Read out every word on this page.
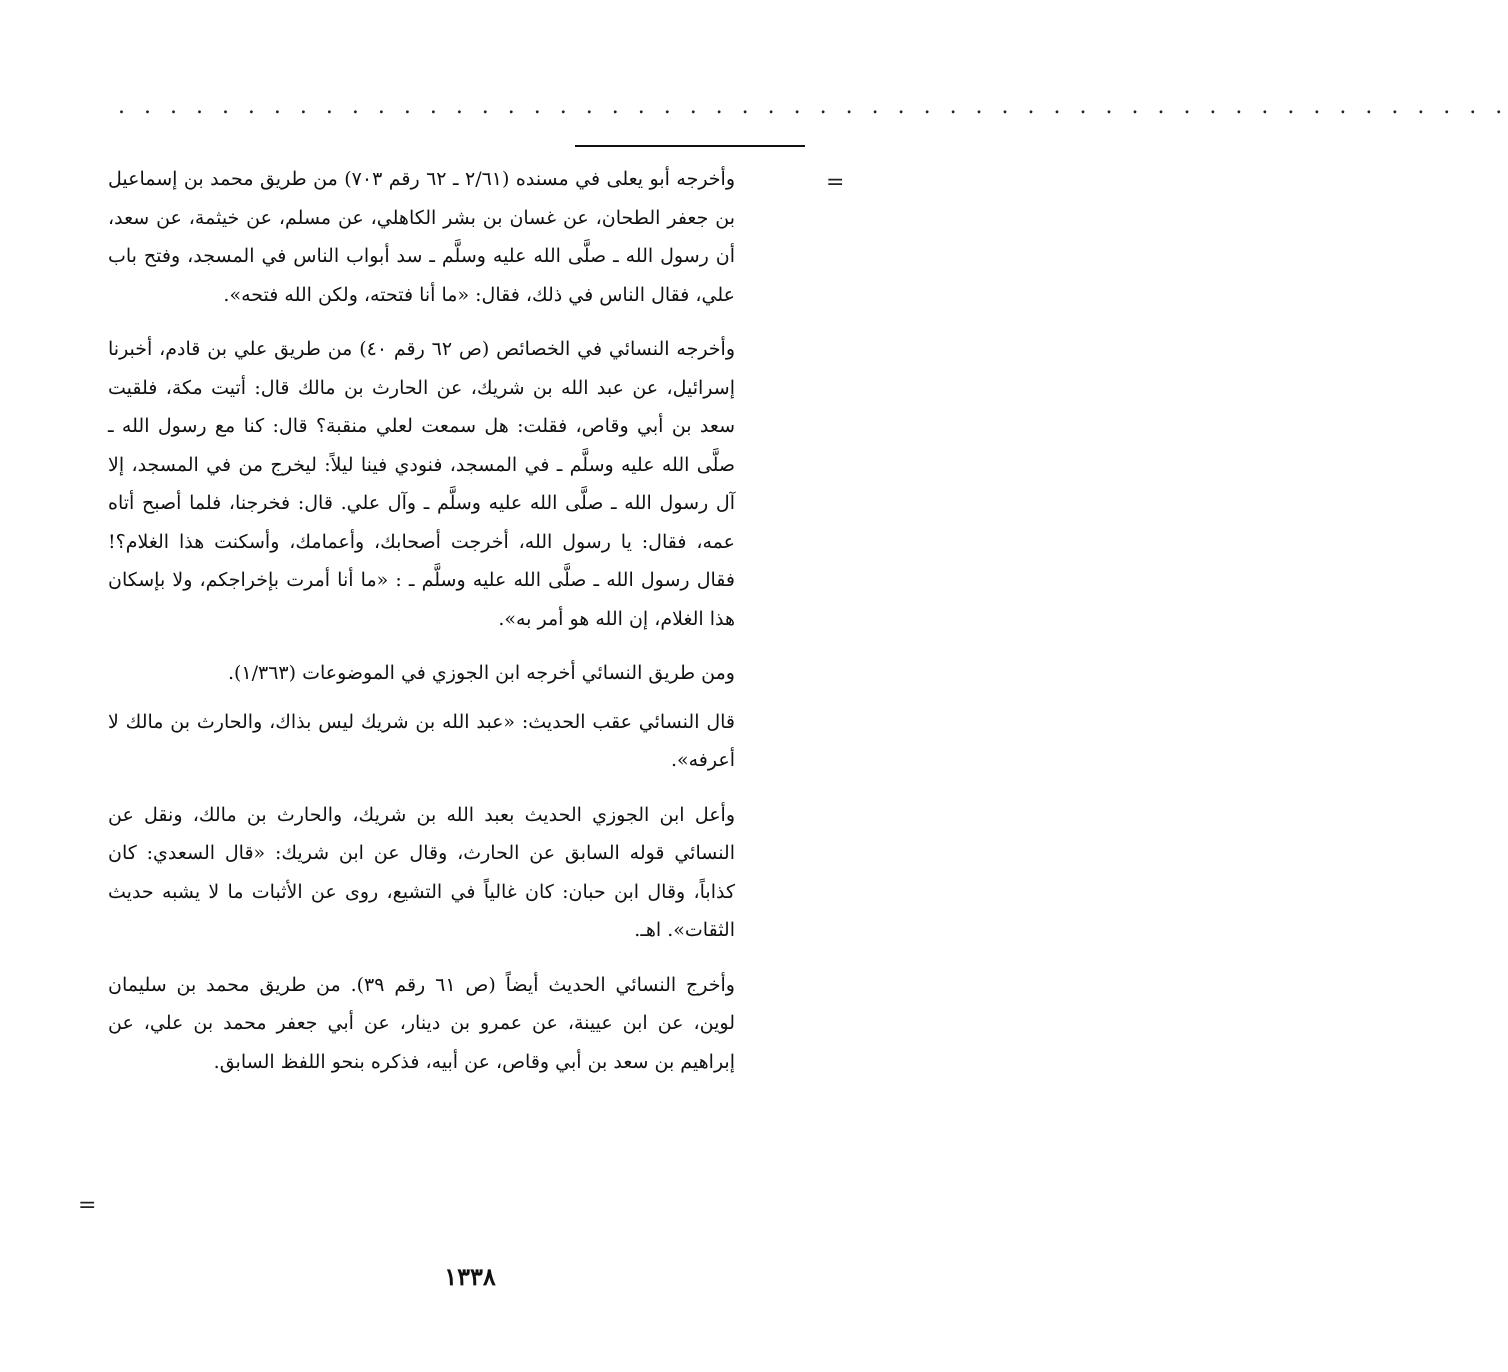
. . . . . . . . . . . . . . . . . . . . . . . . . . . . . . . . . . . . . . . . . . . . . . . . . . . . . .
=
=

وأخرجه أبو يعلى في مسنده (٢/٦١ ـ ٦٢ رقم ٧٠٣) من طريق محمد بن إسماعيل بن جعفر الطحان، عن غسان بن بشر الكاهلي، عن مسلم، عن خيثمة، عن سعد، أن رسول الله ـ صلَّى الله عليه وسلَّم ـ سد أبواب الناس في المسجد، وفتح باب علي، فقال الناس في ذلك، فقال: «ما أنا فتحته، ولكن الله فتحه».

وأخرجه النسائي في الخصائص (ص ٦٢ رقم ٤٠) من طريق علي بن قادم، أخبرنا إسرائيل، عن عبد الله بن شريك، عن الحارث بن مالك قال: أتيت مكة، فلقيت سعد بن أبي وقاص، فقلت: هل سمعت لعلي منقبة؟ قال: كنا مع رسول الله ـ صلَّى الله عليه وسلَّم ـ في المسجد، فنودي فينا ليلاً: ليخرج من في المسجد، إلا آل رسول الله ـ صلَّى الله عليه وسلَّم ـ وآل علي. قال: فخرجنا، فلما أصبح أتاه عمه، فقال: يا رسول الله، أخرجت أصحابك، وأعمامك، وأسكنت هذا الغلام؟! فقال رسول الله ـ صلَّى الله عليه وسلَّم ـ : «ما أنا أمرت بإخراجكم، ولا بإسكان هذا الغلام، إن الله هو أمر به».

ومن طريق النسائي أخرجه ابن الجوزي في الموضوعات (١/٣٦٣).

قال النسائي عقب الحديث: «عبد الله بن شريك ليس بذاك، والحارث بن مالك لا أعرفه».

وأعل ابن الجوزي الحديث بعبد الله بن شريك، والحارث بن مالك، ونقل عن النسائي قوله السابق عن الحارث، وقال عن ابن شريك: «قال السعدي: كان كذاباً، وقال ابن حبان: كان غالياً في التشيع، روى عن الأثبات ما لا يشبه حديث الثقات». اهـ.

وأخرج النسائي الحديث أيضاً (ص ٦١ رقم ٣٩). من طريق محمد بن سليمان لوين، عن ابن عيينة، عن عمرو بن دينار، عن أبي جعفر محمد بن علي، عن إبراهيم بن سعد بن أبي وقاص، عن أبيه، فذكره بنحو اللفظ السابق.

١٣٣٨
